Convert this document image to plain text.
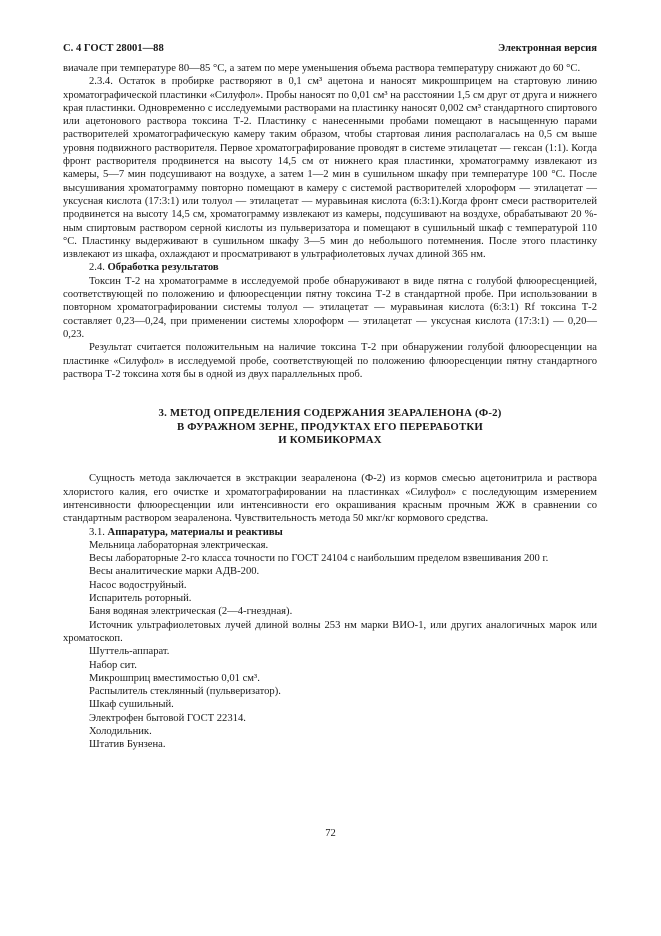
С. 4 ГОСТ 28001—88	Электронная версия

виачале при температуре 80—85 °С, а затем по мере уменьшения объема раствора температуру снижают до 60 °С.

2.3.4. Остаток в пробирке растворяют в 0,1 см³ ацетона и наносят микрошприцем на стартовую линию хроматографической пластинки «Силуфол». Пробы наносят по 0,01 см³ на расстоянии 1,5 см друг от друга и нижнего края пластинки. Одновременно с исследуемыми растворами на пластинку наносят 0,002 см³ стандартного спиртового или ацетонового раствора токсина Т-2. Пластинку с нанесенными пробами помещают в насыщенную парами растворителей хроматографическую камеру таким образом, чтобы стартовая линия располагалась на 0,5 см выше уровня подвижного растворителя. Первое хроматографирование проводят в системе этилацетат — гексан (1:1). Когда фронт растворителя продвинется на высоту 14,5 см от нижнего края пластинки, хроматограмму извлекают из камеры, 5—7 мин подсушивают на воздухе, а затем 1—2 мин в сушильном шкафу при температуре 100 °С. После высушивания хроматограмму повторно помещают в камеру с системой растворителей хлороформ — этилацетат — уксусная кислота (17:3:1) или толуол — этилацетат — муравьиная кислота (6:3:1).Когда фронт смеси растворителей продвинется на высоту 14,5 см, хроматограмму извлекают из камеры, подсушивают на воздухе, обрабатывают 20 %-ным спиртовым раствором серной кислоты из пульверизатора и помещают в сушильный шкаф с температурой 110 °С. Пластинку выдерживают в сушильном шкафу 3—5 мин до небольшого потемнения. После этого пластинку извлекают из шкафа, охлаждают и просматривают в ультрафиолетовых лучах длиной 365 нм.

2.4. Обработка результатов

Токсин Т-2 на хроматограмме в исследуемой пробе обнаруживают в виде пятна с голубой флюоресценцией, соответствующей по положению и флюоресценции пятну токсина Т-2 в стандартной пробе. При использовании в повторном хроматографировании системы толуол — этилацетат — муравьиная кислота (6:3:1) Rf токсина Т-2 составляет 0,23—0,24, при применении системы хлороформ — этилацетат — уксусная кислота (17:3:1) — 0,20—0,23.

Результат считается положительным на наличие токсина Т-2 при обнаружении голубой флюоресценции на пластинке «Силуфол» в исследуемой пробе, соответствующей по положению флюоресценции пятну стандартного раствора Т-2 токсина хотя бы в одной из двух параллельных проб.

3. МЕТОД ОПРЕДЕЛЕНИЯ СОДЕРЖАНИЯ ЗЕАРАЛЕНОНА (Ф-2)
В ФУРАЖНОМ ЗЕРНЕ, ПРОДУКТАХ ЕГО ПЕРЕРАБОТКИ
И КОМБИКОРМАХ

Сущность метода заключается в экстракции зеараленона (Ф-2) из кормов смесью ацетонитрила и раствора хлористого калия, его очистке и хроматографировании на пластинках «Силуфол» с последующим измерением интенсивности флюоресценции или интенсивности его окрашивания красным прочным ЖЖ в сравнении со стандартным раствором зеараленона. Чувствительность метода 50 мкг/кг кормового средства.

3.1. Аппаратура, материалы и реактивы

Мельница лабораторная электрическая.

Весы лабораторные 2-го класса точности по ГОСТ 24104 с наибольшим пределом взвешивания 200 г.

Весы аналитические марки АДВ-200.

Насос водоструйный.

Испаритель роторный.

Баня водяная электрическая (2—4-гнездная).

Источник ультрафиолетовых лучей длиной волны 253 нм марки ВИО-1, или других аналогичных марок или хроматоскоп.

Шуттель-аппарат.

Набор сит.

Микрошприц вместимостью 0,01 см³.

Распылитель стеклянный (пульверизатор).

Шкаф сушильный.

Электрофен бытовой ГОСТ 22314.

Холодильник.

Штатив Бунзена.

72
